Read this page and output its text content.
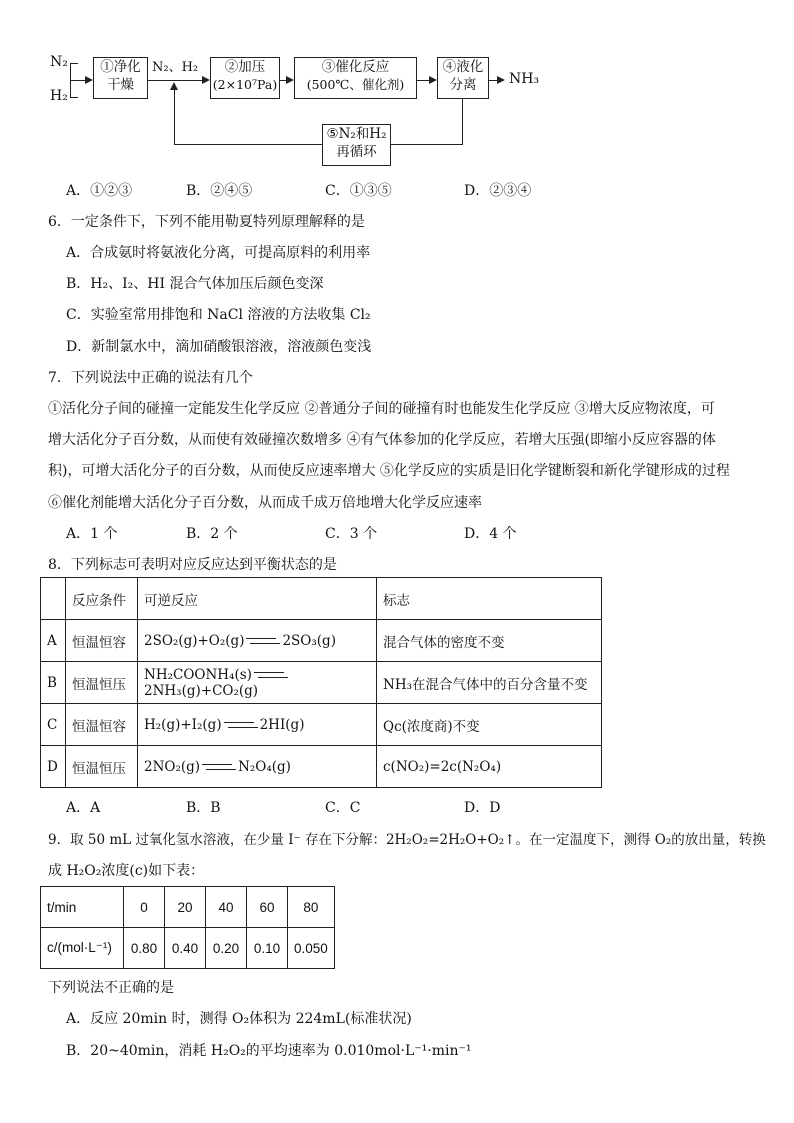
N₂
H₂
①净化
干燥
N₂、H₂	②加压
(2×10⁷Pa)
③催化反应
(500℃、催化剂)
④液化
分离	NH₃
⑤N₂和H₂
再循环
A．①②③	B．②④⑤	C．①③⑤	D．②③④
6．一定条件下，下列不能用勒夏特列原理解释的是
A．合成氨时将氨液化分离，可提高原料的利用率
B．H₂、I₂、HI 混合气体加压后颜色变深
C．实验室常用排饱和 NaCl 溶液的方法收集 Cl₂
D．新制氯水中，滴加硝酸银溶液，溶液颜色变浅
7．下列说法中正确的说法有几个
①活化分子间的碰撞一定能发生化学反应 ②普通分子间的碰撞有时也能发生化学反应 ③增大反应物浓度，可
增大活化分子百分数，从而使有效碰撞次数增多 ④有气体参加的化学反应，若增大压强(即缩小反应容器的体
积)，可增大活化分子的百分数，从而使反应速率增大 ⑤化学反应的实质是旧化学键断裂和新化学键形成的过程
⑥催化剂能增大活化分子百分数，从而成千成万倍地增大化学反应速率
A．1 个	B．2 个	C．3 个	D．4 个
8．下列标志可表明对应反应达到平衡状态的是
	反应条件	可逆反应	标志
A	恒温恒容	2SO₂(g)+O₂(g) 2SO₃(g)	混合气体的密度不变
B	恒温恒压	NH₂COONH₄(s)2NH₃(g)+CO₂(g)	NH₃在混合气体中的百分含量不变
C	恒温恒容	H₂(g)+I₂(g) 2HI(g)	Qc(浓度商)不变
D	恒温恒压	2NO₂(g) N₂O₄(g)	c(NO₂)=2c(N₂O₄)
A．A	B．B	C．C	D．D
9．取 50 mL 过氧化氢水溶液，在少量 I⁻ 存在下分解：2H₂O₂=2H₂O+O₂↑。在一定温度下，测得 O₂的放出量，转换
成 H₂O₂浓度(c)如下表：
t/min	0	20	40	60	80
c/(mol·L⁻¹)	0.80	0.40	0.20	0.10	0.050
下列说法不正确的是
A．反应 20min 时，测得 O₂体积为 224mL(标准状况)
B．20~40min，消耗 H₂O₂的平均速率为 0.010mol·L⁻¹·min⁻¹
